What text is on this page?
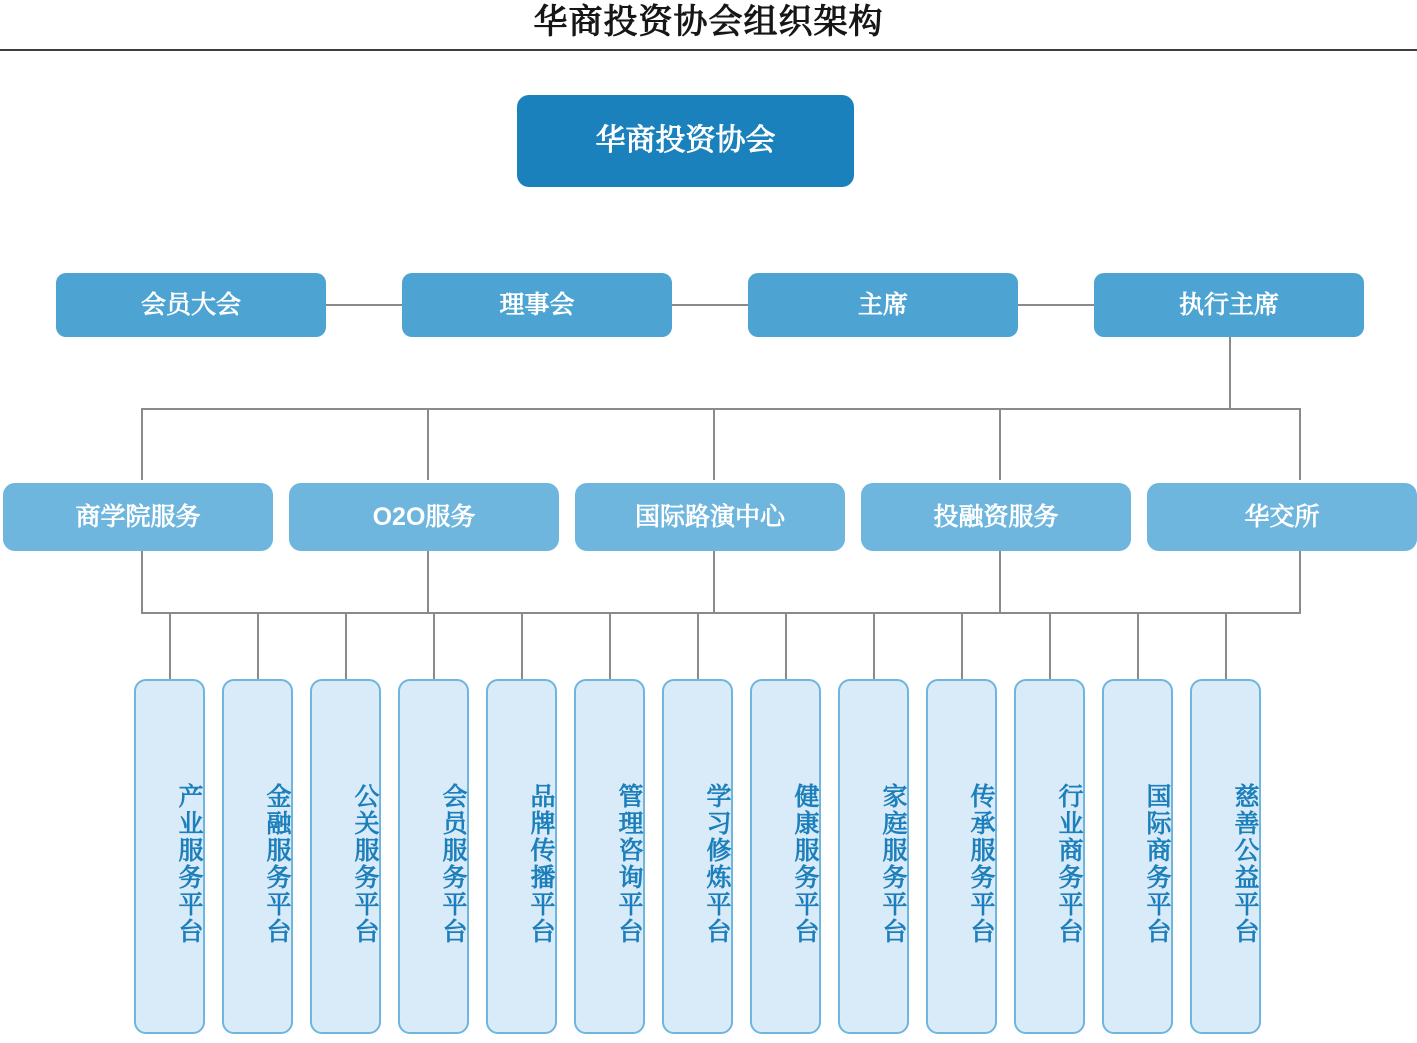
华商投资协会组织架构
华商投资协会
会员大会	理事会	主席	执行主席
商学院服务	O2O服务	国际路演中心	投融资服务	华交所
产业服务平台	金融服务平台	公关服务平台	会员服务平台	品牌传播平台	管理咨询平台	学习修炼平台	健康服务平台	家庭服务平台	传承服务平台	行业商务平台	国际商务平台	慈善公益平台
